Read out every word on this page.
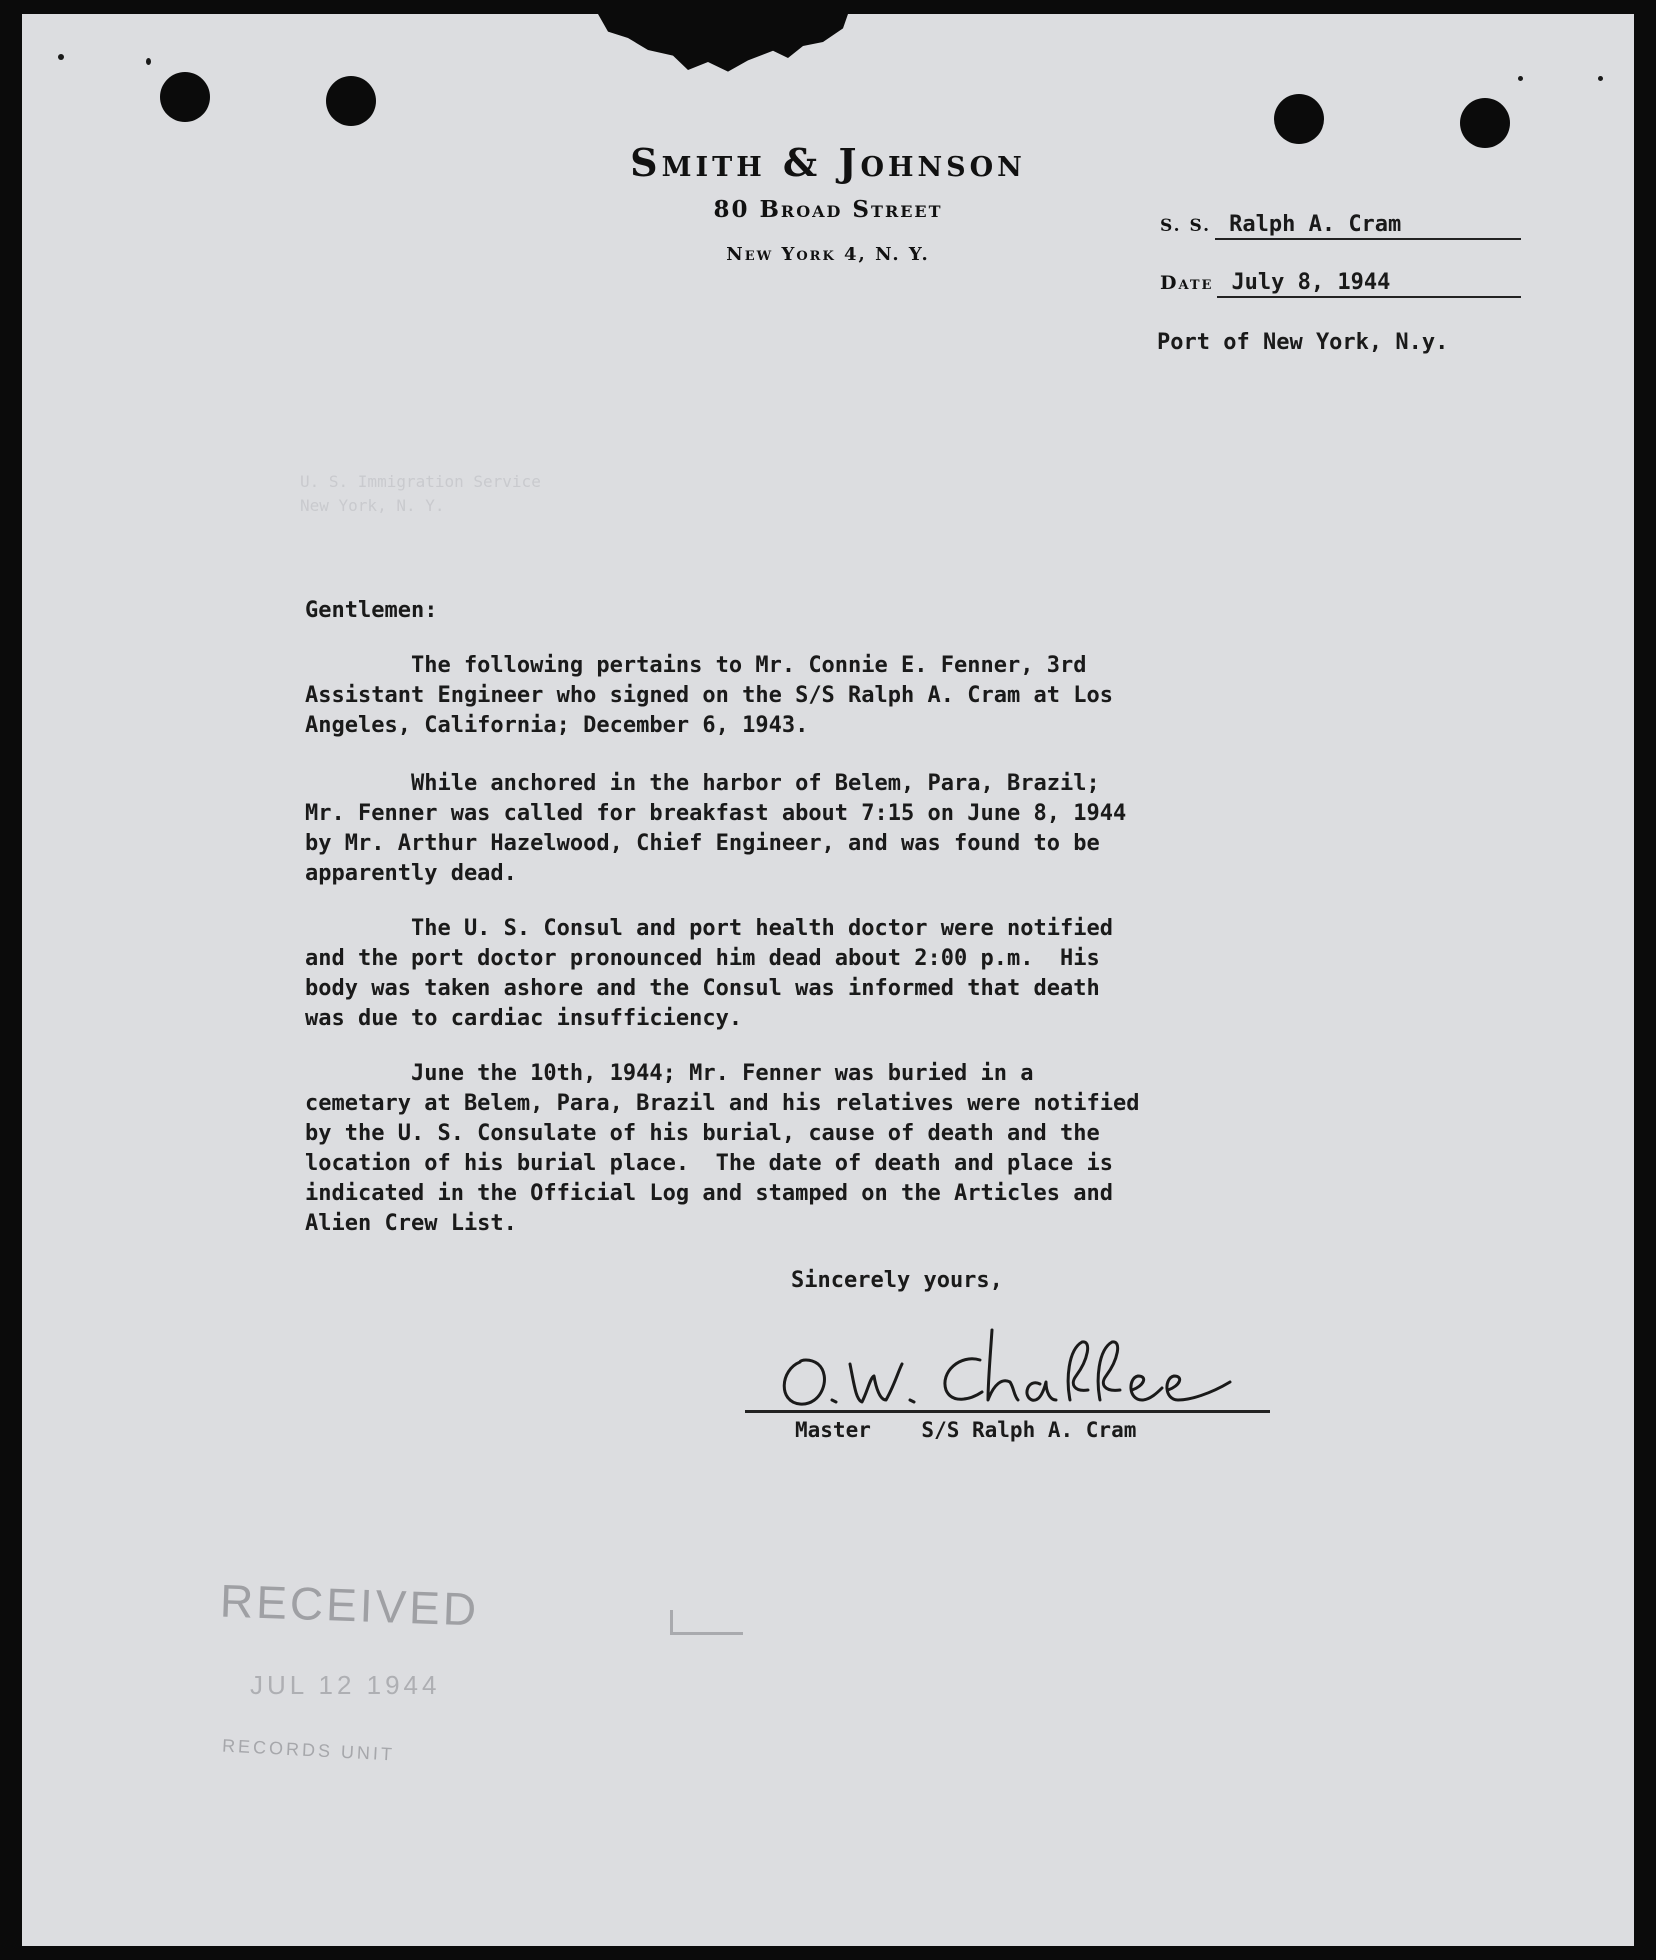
Smith & Johnson
80 Broad Street
New York 4, N. Y.
S. S. Ralph A. Cram
Date July 8, 1944
Port of New York, N.y.
U. S. Immigration Service
New York, N. Y.
Gentlemen:
The following pertains to Mr. Connie E. Fenner, 3rd
Assistant Engineer who signed on the S/S Ralph A. Cram at Los
Angeles, California; December 6, 1943.
While anchored in the harbor of Belem, Para, Brazil;
Mr. Fenner was called for breakfast about 7:15 on June 8, 1944
by Mr. Arthur Hazelwood, Chief Engineer, and was found to be
apparently dead.
The U. S. Consul and port health doctor were notified
and the port doctor pronounced him dead about 2:00 p.m.  His
body was taken ashore and the Consul was informed that death
was due to cardiac insufficiency.
June the 10th, 1944; Mr. Fenner was buried in a
cemetary at Belem, Para, Brazil and his relatives were notified
by the U. S. Consulate of his burial, cause of death and the
location of his burial place.  The date of death and place is
indicated in the Official Log and stamped on the Articles and
Alien Crew List.
Sincerely yours,
Master    S/S Ralph A. Cram
RECEIVED
JUL 12 1944
RECORDS UNIT
